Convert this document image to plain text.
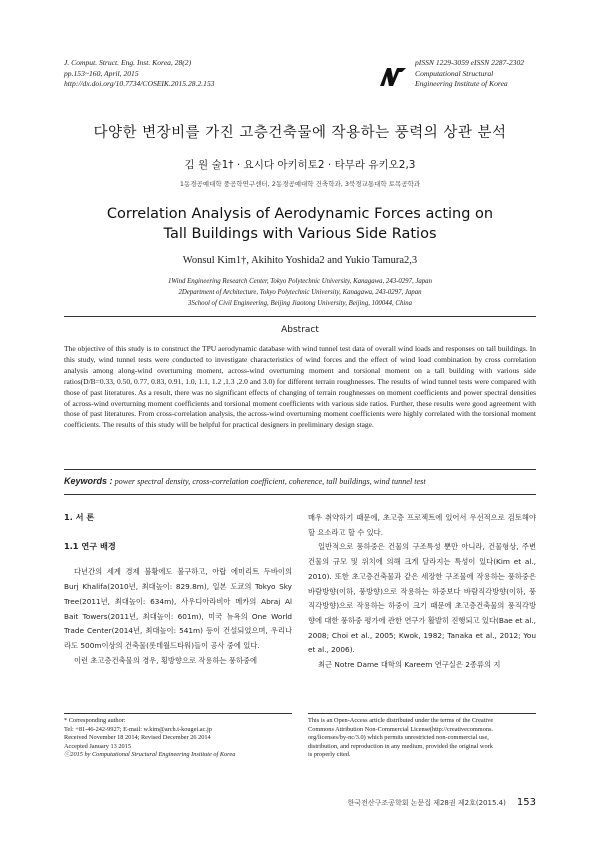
J. Comput. Struct. Eng. Inst. Korea, 28(2)
pp.153~160, April, 2015
http://dx.doi.org/10.7734/COSEIK.2015.28.2.153
pISSN 1229-3059 eISSN 2287-2302
Computational Structural
Engineering Institute of Korea
다양한 변장비를 가진 고층건축물에 작용하는 풍력의 상관 분석
김 원 술1† · 요시다 아키히토2 · 타무라 유키오2,3
1동경공예대학 풍공학연구센터, 2동경공예대학 건축학과, 3북경교통대학 토목공학과
Correlation Analysis of Aerodynamic Forces acting on
Tall Buildings with Various Side Ratios
Wonsul Kim1†, Akihito Yoshida2 and Yukio Tamura2,3
1Wind Engineering Research Center, Tokyo Polytechnic University, Kanagawa, 243-0297, Japan
2Department of Architecture, Tokyo Polytechnic University, Kanagawa, 243-0297, Japan
3School of Civil Engineering, Beijing Jiaotong University, Beijing, 100044, China
Abstract

The objective of this study is to construct the TPU aerodynamic database with wind tunnel test data of overall wind loads and responses on tall buildings. In this study, wind tunnel tests were conducted to investigate characteristics of wind forces and the effect of wind load combination by cross correlation analysis among along-wind overturning moment, across-wind overturning moment and torsional moment on a tall building with various side ratios(D/B=0.33, 0.50, 0.77, 0.83, 0.91, 1.0, 1.1, 1.2 ,1.3 ,2.0 and 3.0) for different terrain roughnesses. The results of wind tunnel tests were compared with those of past literatures. As a result, there was no significant effects of changing of terrain roughnesses on moment coefficients and power spectral densities of across-wind overturning moment coefficients and torsional moment coefficients with various side ratios. Further, these results were good agreement with those of past literatures. From cross-correlation analysis, the across-wind overturning moment coefficients were highly correlated with the torsional moment coefficients. The results of this study will be helpful for practical designers in preliminary design stage.

Keywords : power spectral density, cross-correlation coefficient, coherence, tall buildings, wind tunnel test
1. 서 론
1.1 연구 배경

다년간의 세계 경제 불황에도 불구하고, 아랍 에미리트 두바이의 Burj Khalifa(2010년, 최대높이: 829.8m), 일본 도쿄의 Tokyo Sky Tree(2011년, 최대높이: 634m), 사우디아라비아 메카의 Abraj Al Bait Towers(2011년, 최대높이: 601m), 미국 뉴욕의 One World Trade Center(2014년, 최대높이: 541m) 등이 건설되었으며, 우리나라도 500m이상의 건축물(롯데월드타워)들이 공사 중에 있다.

이런 초고층건축물의 경우, 횡방향으로 작용하는 풍하중에

매우 취약하기 때문에, 초고층 프로젝트에 있어서 우선적으로 검토해야할 요소라고 할 수 있다.

일반적으로 풍하중은 건물의 구조특성 뿐만 아니라, 건물형상, 주변건물의 규모 및 위치에 의해 크게 달라지는 특성이 있다(Kim et al., 2010). 또한 초고층건축물과 같은 세장한 구조물에 작용하는 풍하중은 바람방향(이하, 풍방향)으로 작용하는 하중보다 바람직각방향(이하, 풍직각방향)으로 작용하는 하중이 크기 때문에 초고층건축물의 풍직각방향에 대한 풍하중 평가에 관한 연구가 활발히 진행되고 있다(Bae et al., 2008; Choi et al., 2005; Kwok, 1982; Tanaka et al., 2012; You et al., 2006).

최근 Notre Dame 대학의 Kareem 연구실은 2종류의 지

* Corresponding author:
Tel: +81-46-242-9927; E-mail: w.kim@arch.t-kougei.ac.jp
Received November 18 2014; Revised December 26 2014
Accepted January 13 2015
ⓒ2015 by Computational Structural Engineering Institute of Korea
This is an Open-Access article distributed under the terms of the Creative
Commons Attribution Non-Commercial License(http://creativecommons.
org/licenses/by-nc/3.0) which permits unrestricted non-commercial use,
distribution, and reproduction in any medium, provided the original work
is properly cited.
한국전산구조공학회 논문집 제28권 제2호(2015.4) 153
